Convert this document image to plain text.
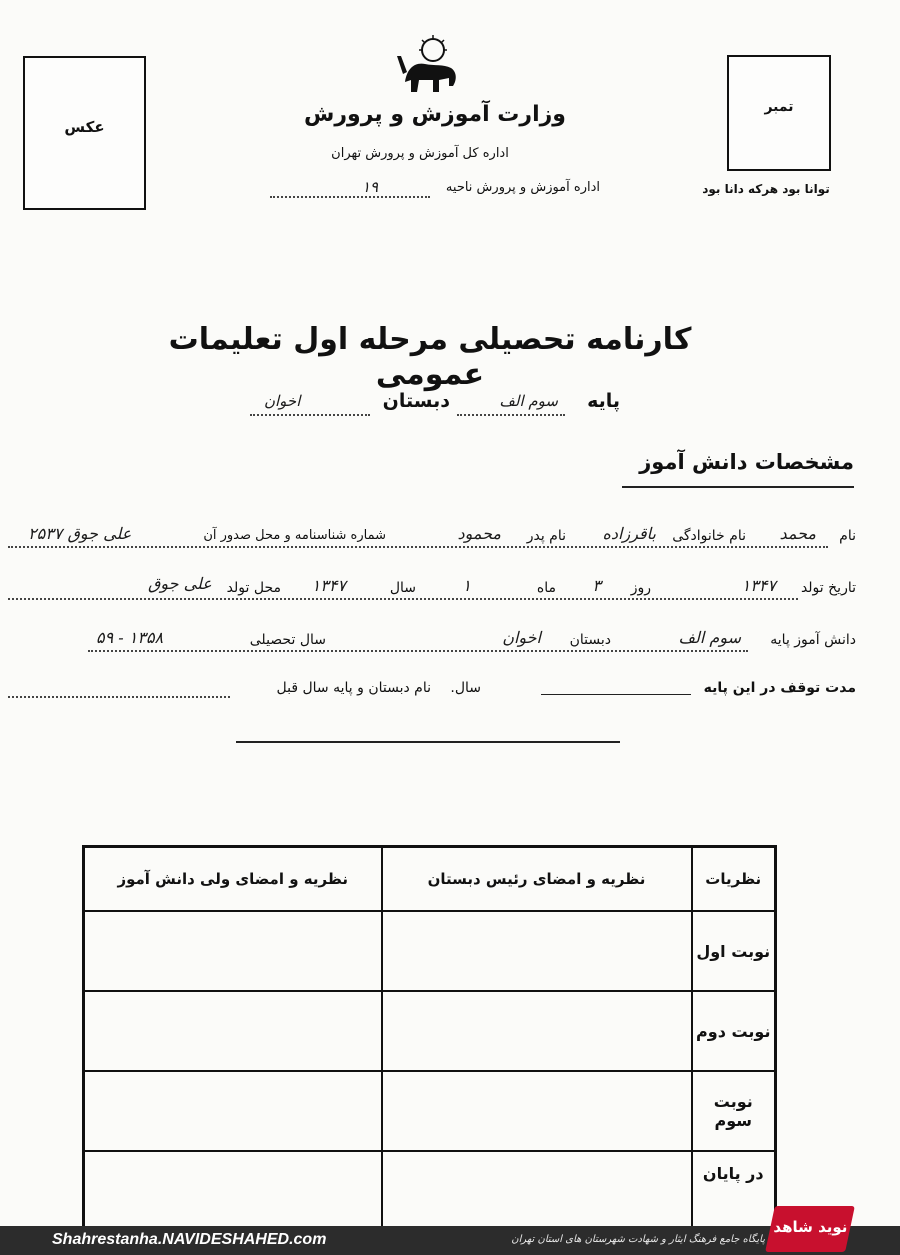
عکس
تمبر
توانا بود هرکه دانا بود
وزارت آموزش و پرورش
اداره کل آموزش و پرورش تهران
اداره آموزش و پرورش ناحیه
۱۹
کارنامه تحصیلی مرحله اول تعلیمات عمومی
پایه
سوم الف
دبستان
اخوان
مشخصات دانش آموز
نام
محمد
نام خانوادگی
باقرزاده
نام پدر
محمود
شماره شناسنامه و محل صدور آن
۲۵۳۷ علی جوق
تاریخ تولد
۱۳۴۷
روز
۳
ماه
۱
سال
۱۳۴۷
محل تولد
علی جوق
دانش آموز پایه
سوم الف
دبستان
اخوان
سال تحصیلی
۵۹ - ۱۳۵۸
مدت توقف در این پایه
سال.
نام دبستان و پایه سال قبل
نظریات	نظریه و امضای رئیس دبستان	نظریه و امضای ولی دانش آموز
نوبت اول		
نوبت دوم		
نوبت سوم		
در پایان		
Shahrestanha.NAVIDESHAHED.com	پایگاه جامع فرهنگ ایثار و شهادت شهرستان های استان تهران
نوید شاهد
